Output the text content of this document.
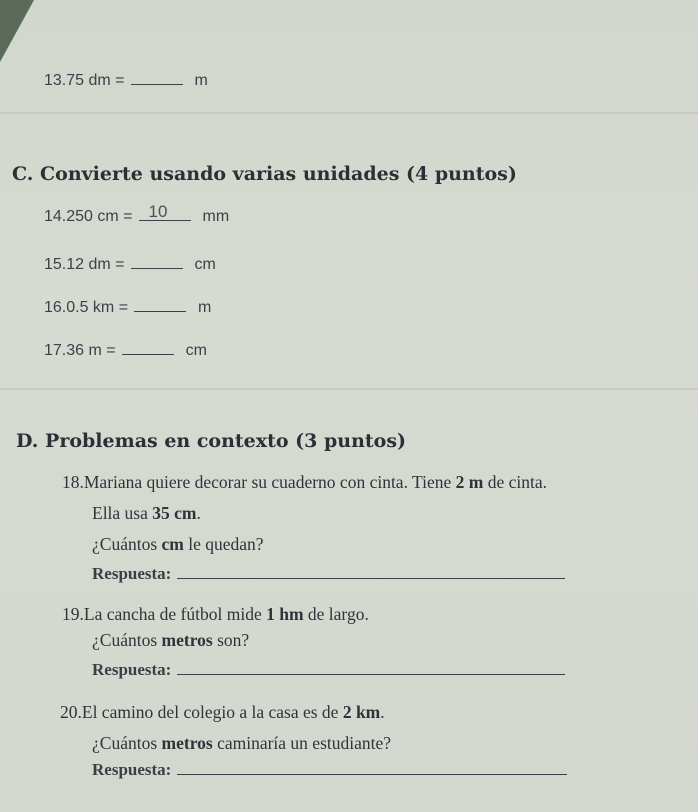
13.75 dm =	m
C. Convierte usando varias unidades (4 puntos)
14.250 cm = 10 mm
15.12 dm =	cm
16.0.5 km =	m
17.36 m =	cm
D. Problemas en contexto (3 puntos)
18.Mariana quiere decorar su cuaderno con cinta. Tiene 2 m de cinta.
Ella usa 35 cm.
¿Cuántos cm le quedan?
Respuesta:
19.La cancha de fútbol mide 1 hm de largo.
¿Cuántos metros son?
Respuesta:
20.El camino del colegio a la casa es de 2 km.
¿Cuántos metros caminaría un estudiante?
Respuesta:
